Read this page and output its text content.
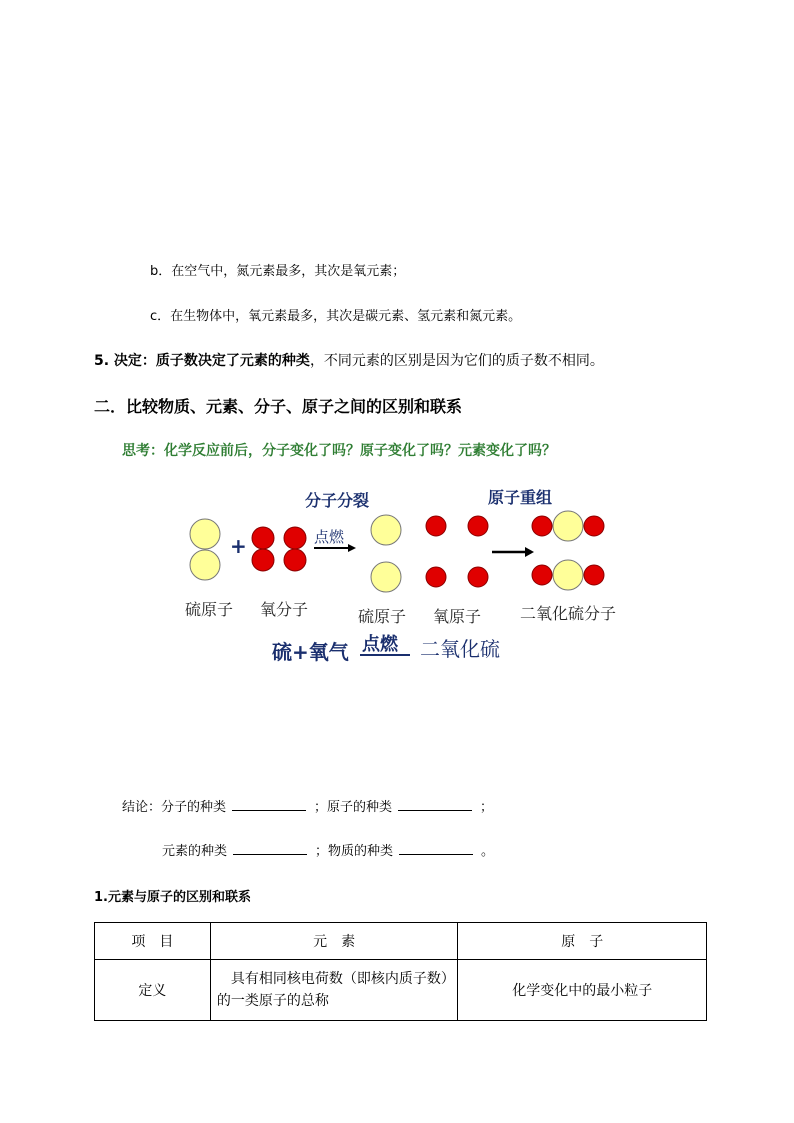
b．在空气中，氮元素最多，其次是氧元素；
c．在生物体中，氧元素最多，其次是碳元素、氢元素和氮元素。
5. 决定：质子数决定了元素的种类，不同元素的区别是因为它们的质子数不相同。
二．比较物质、元素、分子、原子之间的区别和联系
思考：化学反应前后，分子变化了吗？原子变化了吗？元素变化了吗？
+	点燃
分子分裂	原子重组
硫原子 氧分子	硫原子 氧原子 二氧化硫分子
硫+氧气 点燃 二氧化硫
结论：分子的种类	；原子的种类	；
元素的种类	；物质的种类	。
1.元素与原子的区别和联系
项　目	元　素	原　子
定义	具有相同核电荷数（即核内质子数）的一类原子的总称	化学变化中的最小粒子
